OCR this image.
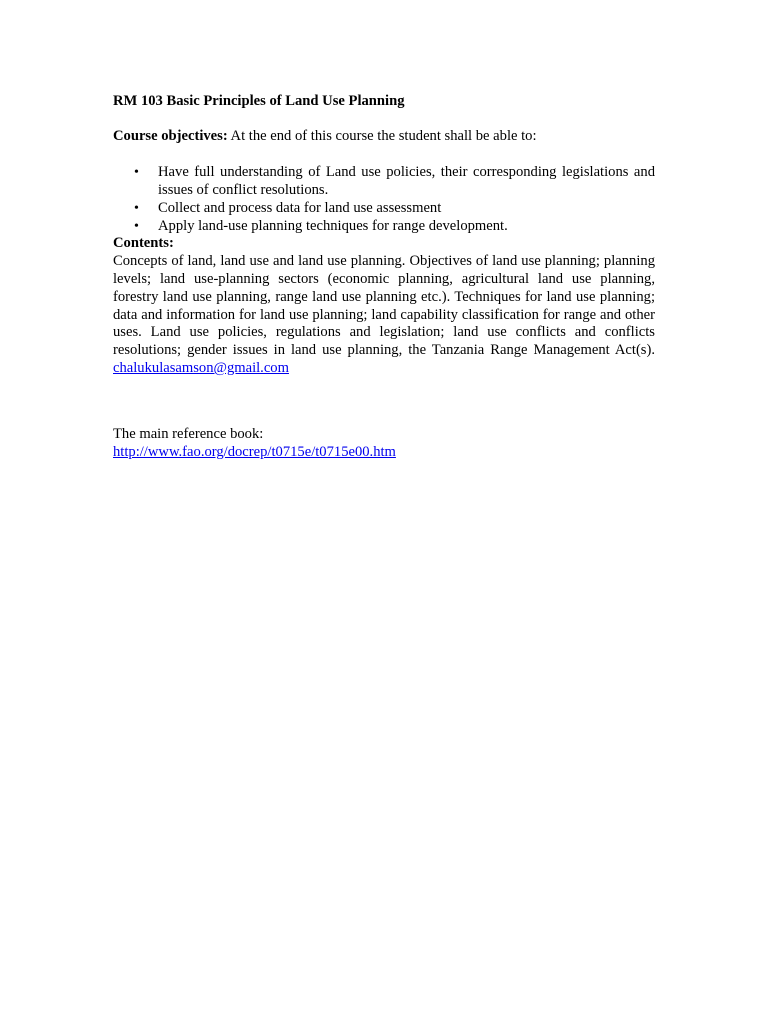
RM 103 Basic Principles of Land Use Planning

Course objectives: At the end of this course the student shall be able to:

• Have full understanding of Land use policies, their corresponding legislations and issues of conflict resolutions.
• Collect and process data for land use assessment
• Apply land-use planning techniques for range development.

Contents:

Concepts of land, land use and land use planning. Objectives of land use planning; planning levels; land use-planning sectors (economic planning, agricultural land use planning, forestry land use planning, range land use planning etc.). Techniques for land use planning; data and information for land use planning; land capability classification for range and other uses. Land use policies, regulations and legislation; land use conflicts and conflicts resolutions; gender issues in land use planning, the Tanzania Range Management Act(s). chalukulasamson@gmail.com

The main reference book:

http://www.fao.org/docrep/t0715e/t0715e00.htm
